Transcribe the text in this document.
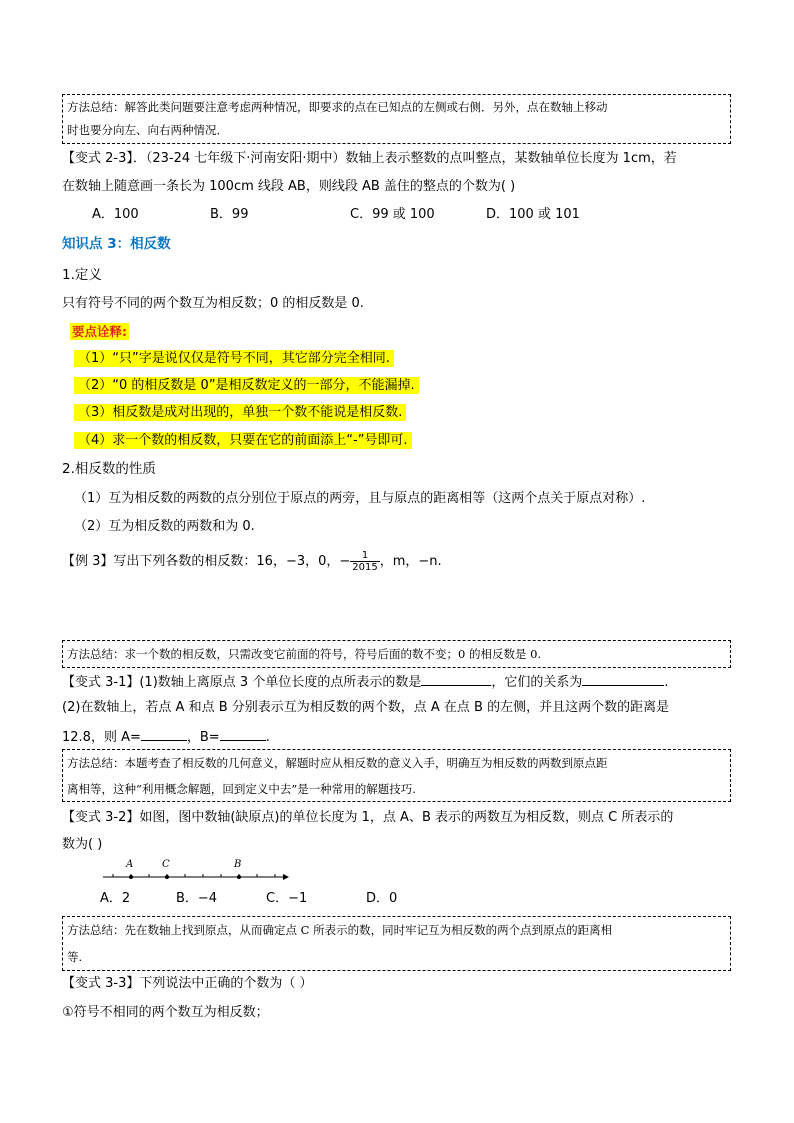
方法总结：解答此类问题要注意考虑两种情况，即要求的点在已知点的左侧或右侧．另外，点在数轴上移动
时也要分向左、向右两种情况．
【变式 2-3】．（23-24 七年级下·河南安阳·期中）数轴上表示整数的点叫整点，某数轴单位长度为 1cm，若
在数轴上随意画一条长为 100cm 线段 AB，则线段 AB 盖住的整点的个数为( )
A．100	B．99	C．99 或 100	D．100 或 101
知识点 3：相反数
1.定义
只有符号不同的两个数互为相反数；0 的相反数是 0.
要点诠释:
（1）“只”字是说仅仅是符号不同，其它部分完全相同.
（2）“0 的相反数是 0”是相反数定义的一部分，不能漏掉.
（3）相反数是成对出现的，单独一个数不能说是相反数.
（4）求一个数的相反数，只要在它的前面添上“-”号即可.
2.相反数的性质
（1）互为相反数的两数的点分别位于原点的两旁，且与原点的距离相等（这两个点关于原点对称）.
（2）互为相反数的两数和为 0.
【例 3】写出下列各数的相反数：16，−3，0，− $\frac{1}{2015}$ ，m，−n.
方法总结：求一个数的相反数，只需改变它前面的符号，符号后面的数不变；0 的相反数是 0.
【变式 3-1】(1)数轴上离原点 3 个单位长度的点所表示的数是	，它们的关系为	.
(2)在数轴上，若点 A 和点 B 分别表示互为相反数的两个数，点 A 在点 B 的左侧，并且这两个数的距离是
12.8，则 A=	，B=	.
方法总结：本题考查了相反数的几何意义，解题时应从相反数的意义入手，明确互为相反数的两数到原点距
离相等，这种“利用概念解题，回到定义中去”是一种常用的解题技巧.
【变式 3-2】如图，图中数轴(缺原点)的单位长度为 1，点 A、B 表示的两数互为相反数，则点 C 所表示的
数为( )
A	C	B
A．2	B．−4	C．−1	D．0
方法总结：先在数轴上找到原点，从而确定点 C 所表示的数，同时牢记互为相反数的两个点到原点的距离相
等.
【变式 3-3】下列说法中正确的个数为（ ）
①符号不相同的两个数互为相反数；
